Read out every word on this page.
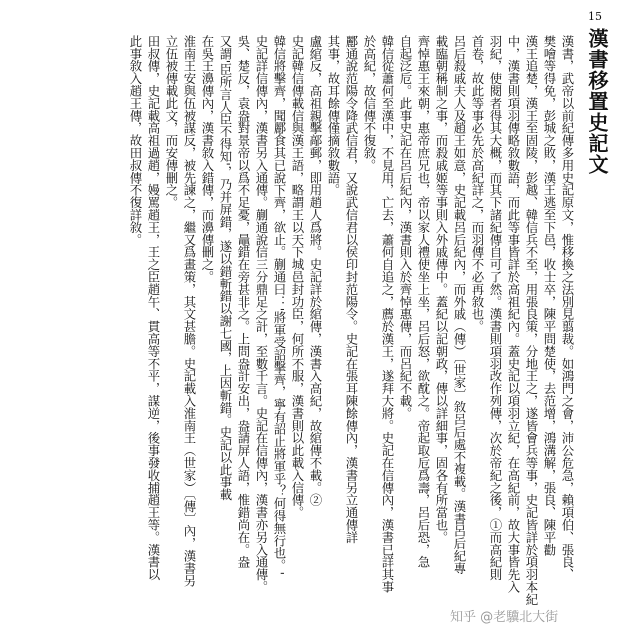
15
漢書移置史記文
漢書，武帝以前紀傳多用史記原文，惟移換之法別見翦裁。如鴻門之會，沛公危急，賴項伯、張良、
樊噲等得免，彭城之敗，漢王逃至下邑，收士卒，陳平問楚使，去范增，鴻溝解，張良、陳平勸
漢王追楚，漢王至固陵，彭越、韓信兵不至，用張良策，分地王之，遂皆會兵等事，史記皆詳於項羽本紀
中，漢書則項羽傳略敘數語，而此等事皆詳於高祖紀內。蓋史記以項羽立紀，在高紀前，故大事皆先入
羽紀，使閱者得其大概，而其下諸紀傳自可了然。漢書則項羽改作列傳，次於帝紀之後，①而高紀則
首卷，故此等事必先於高紀詳之，而羽傳不必再敘也。
呂后殺戚夫人及趙王如意，史記載呂后紀內，而外戚（傳）〔世家〕敘呂后處不複載。漢書呂后紀專
載臨朝稱制之事，而殺戚姬等事則入外戚傳中。蓋紀以記朝政，傳以詳細事，固各有所當也。
齊悼惠王來朝，惠帝庶兄也，帝以家人禮使坐上坐，呂后怒，欲酖之。帝起取卮爲壽，呂后恐，急
自起泛卮。此事史記在呂后紀內，漢書則入於齊悼惠傳，而呂紀不載。
韓信從蕭何至漢中，不見用，亡去，蕭何自追之，薦於漢王，遂拜大將。史記在信傳內，漢書已詳其事
於高紀，故信傳不復敘。
酈通說范陽令降武信君，又說武信君以侯印封范陽令。史記在張耳陳餘傳內，漢書另立通傳詳
其事，故耳餘傳僅摘敘數語。
盧綰反，高祖親擊鄗郵，即用趙人爲將。史記詳於綰傳，漢書入高紀，故綰傳不載。②
史記韓信傳載信與漢王語，略謂王以天下城邑封功臣，何所不服，漢書則以此載入信傳。
韓信將擊齊，聞酈食其已說下齊，欲止。蒯通曰：'將軍受詔擊齊，寧有詔止將軍乎？何得無行也。'
史記詳信傳內，漢書另入通傳。蒯通說信三分鼎足之計，至數千言。史記在信傳內，漢書亦另入通傳。
吳、楚反，袁盎對景帝以爲不足憂，鼂錯在旁甚非之。上問盎計安出，盎請屏人語，惟錯尚在。盎
又謂'臣所言人臣不得知'，乃并屏錯，遂以錯斬錯以謝七國，上因斬錯。史記以此事載
在吳王濞傳內，漢書敘入錯傳，而濞傳刪之。
淮南王安與伍被謀反，被先諫之，繼又爲畫策，其文甚膽。史記載入淮南王（世家）〔傳〕內，漢書另
立伍被傳載此文，而安傳刪之。
田叔傳，史記載高祖過趙，嫚罵趙王，王之臣趙午、貫高等不平，謀逆，後事發收捕趙王等。漢書以
此事敘入趙王傳，故田叔傳不復詳敘。
知乎 @老驥北大街
